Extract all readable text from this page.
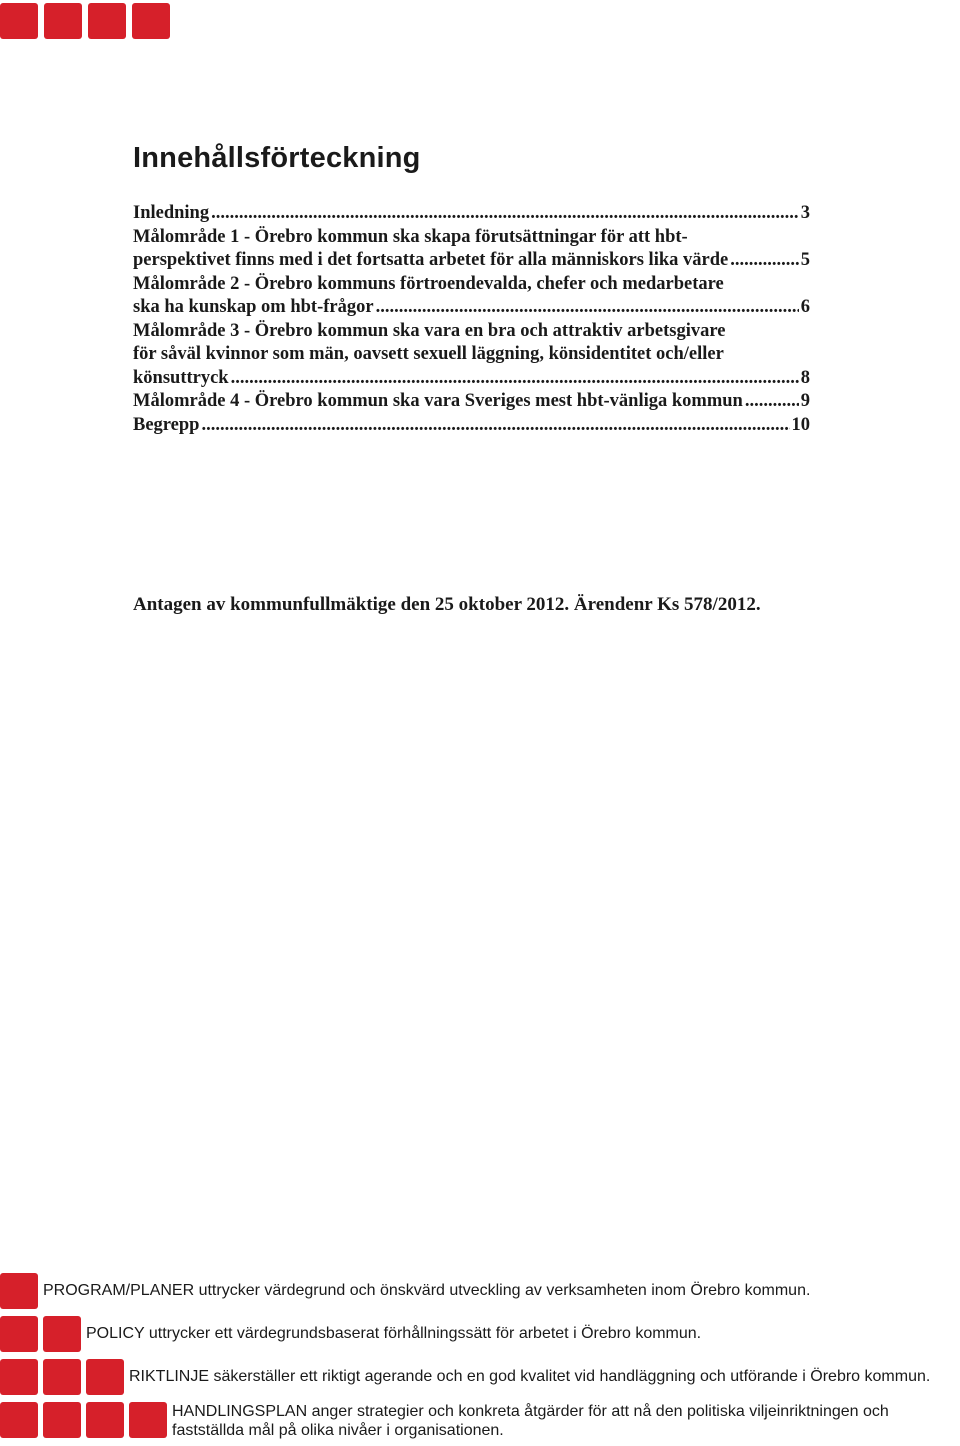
Innehållsförteckning
Inledning .....	3
Målområde 1 - Örebro kommun ska skapa förutsättningar för att hbt-
perspektivet finns med i det fortsatta arbetet för alla människors lika värde .....	5
Målområde 2 - Örebro kommuns förtroendevalda, chefer och medarbetare
ska ha kunskap om hbt-frågor .....	6
Målområde 3 - Örebro kommun ska vara en bra och attraktiv arbetsgivare
för såväl kvinnor som män, oavsett sexuell läggning, könsidentitet och/eller
könsuttryck .....	8
Målområde 4 - Örebro kommun ska vara Sveriges mest hbt-vänliga kommun .....	9
Begrepp .....	10
Antagen av kommunfullmäktige den 25 oktober 2012. Ärendenr Ks 578/2012.
PROGRAM/PLANER uttrycker värdegrund och önskvärd utveckling av verksamheten inom Örebro kommun.
POLICY uttrycker ett värdegrundsbaserat förhållningssätt för arbetet i Örebro kommun.
RIKTLINJE säkerställer ett riktigt agerande och en god kvalitet vid handläggning och utförande i Örebro kommun.
HANDLINGSPLAN anger strategier och konkreta åtgärder för att nå den politiska viljeinriktningen och
fastställda mål på olika nivåer i organisationen.
